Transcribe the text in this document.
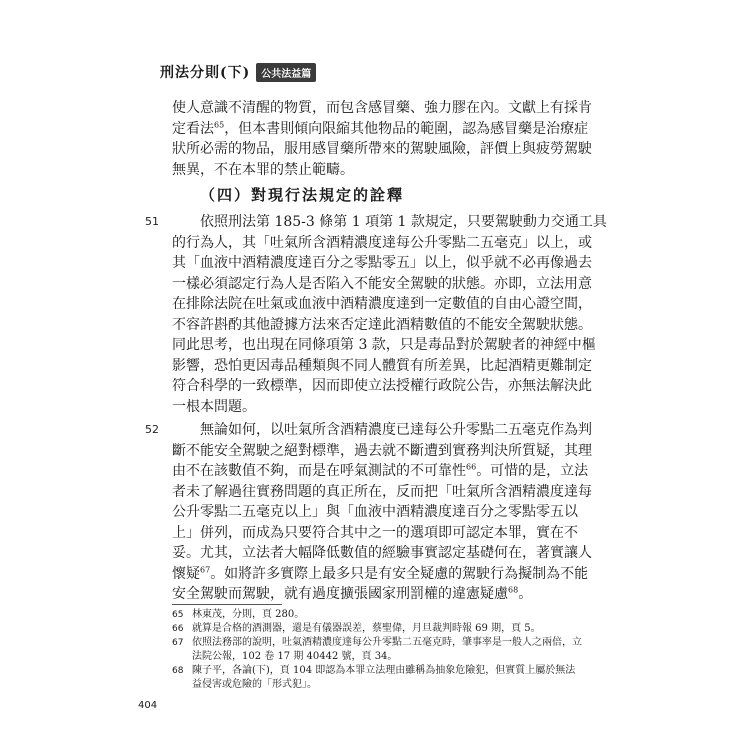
刑法分則(下)	公共法益篇
使人意識不清醒的物質，而包含感冒藥、強力膠在內。文獻上有採肯
定看法$^{65}$，但本書則傾向限縮其他物品的範圍，認為感冒藥是治療症
狀所必需的物品，服用感冒藥所帶來的駕駛風險，評價上與疲勞駕駛
無異，不在本罪的禁止範疇。
（四）對現行法規定的詮釋
51	依照刑法第 185-3 條第 1 項第 1 款規定，只要駕駛動力交通工具
的行為人，其「吐氣所含酒精濃度達每公升零點二五毫克」以上，或
其「血液中酒精濃度達百分之零點零五」以上，似乎就不必再像過去
一樣必須認定行為人是否陷入不能安全駕駛的狀態。亦即，立法用意
在排除法院在吐氣或血液中酒精濃度達到一定數值的自由心證空間，
不容許斟酌其他證據方法來否定達此酒精數值的不能安全駕駛狀態。
同此思考，也出現在同條項第 3 款，只是毒品對於駕駛者的神經中樞
影響，恐怕更因毒品種類與不同人體質有所差異，比起酒精更難制定
符合科學的一致標準，因而即使立法授權行政院公告，亦無法解決此
一根本問題。
52	無論如何，以吐氣所含酒精濃度已達每公升零點二五毫克作為判
斷不能安全駕駛之絕對標準，過去就不斷遭到實務判決所質疑，其理
由不在該數值不夠，而是在呼氣測試的不可靠性$^{66}$。可惜的是，立法
者未了解過往實務問題的真正所在，反而把「吐氣所含酒精濃度達每
公升零點二五毫克以上」與「血液中酒精濃度達百分之零點零五以
上」併列，而成為只要符合其中之一的選項即可認定本罪，實在不
妥。尤其，立法者大幅降低數值的經驗事實認定基礎何在，著實讓人
懷疑$^{67}$。如將許多實際上最多只是有安全疑慮的駕駛行為擬制為不能
安全駕駛而駕駛，就有過度擴張國家刑罰權的違憲疑慮$^{68}$。
65 林東茂，分則，頁 280。
66 就算是合格的酒測器，還是有儀器誤差，蔡聖偉，月旦裁判時報 69 期，頁 5。
67 依照法務部的說明，吐氣酒精濃度達每公升零點二五毫克時，肇事率是一般人之兩倍，立法院公報，102 卷 17 期 40442 號，頁 34。
68 陳子平，各論(下)，頁 104 即認為本罪立法理由雖稱為抽象危險犯，但實質上屬於無法益侵害或危險的「形式犯」。
404
